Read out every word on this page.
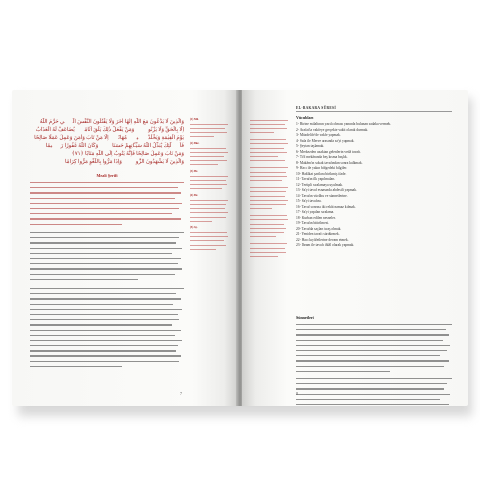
وَالَّذِينَ لَا يَدْعُونَ مَعَ اللّٰهِ اِلٰهًا اٰخَرَ وَلَا يَقْتُلُونَ النَّفْسَ الَّت۪ي حَرَّمَ اللّٰهُ
اِلَّا بِالْحَقِّ وَلَا يَزْنُونَۚ وَمَنْ يَفْعَلْ ذٰلِكَ يَلْقَ اَثَامًاۙ يُضَاعَفْ لَهُ الْعَذَابُ
يَوْمَ الْقِيٰمَةِ وَيَخْلُدْ ف۪يه۪ مُهَانًاۗ اِلَّا مَنْ تَابَ وَاٰمَنَ وَعَمِلَ عَمَلًا صَالِحًا
فَاُو۬لٰٓئِكَ يُبَدِّلُ اللّٰهُ سَيِّـَٔاتِهِمْ حَسَنَاتٍۜ وَكَانَ اللّٰهُ غَفُورًا رَح۪يمًا
وَمَنْ تَابَ وَعَمِلَ صَالِحًا فَاِنَّهُ يَتُوبُ اِلَى اللّٰهِ مَتَابًا ﴿٧١﴾
وَالَّذِينَ لَا يَشْهَدُونَ الزُّورَۙ وَاِذَا مَرُّوا بِاللَّغْوِ مَرُّوا كِرَامًا
Meali Şerifi
(1) Mü.
(2) Bkz.
(3) Hz.
(4) Bu
(5) Ay.
7
EL-BAKARA SÛRESİ
Vücubları
1- Birine milaltının yazılı olması yanında bulunan sadaka vermek.
2- Arafat'ta vakfeye gerçekte vakit olarak durmak.
3- Müzdelife'de vakfe yapmak.
4- Safa ile Merve arasında sa'yi yapmak.
5- Şeytan taşlamak.
6- Merkezden uzaktan gelenlerin vedâ tavafı.
7- Ti'd mekânında beş kısma başlık.
8- Makâm'ın sokak tavafından sonra kalkmak.
9- Hacı ile yakın bölgedeki bilgiler.
10- Hakîkat şartlara birikmiş ifade.
11- Tavafın ilk yapılmaları.
12- Tertipli sıralamaya uyulmak.
13- Sa'yi tavaf esnasında abdestli yapmak.
14- Tavafın vücûbu ve sünnetlerine.
15- Sa'yi tavafını.
16- Tavaf sonrası iki rekât namaz kılmak.
17- Sa'yi yapılan sıralama.
18- Kurban edilen nesneler.
19- Tavafın bitirilmesi.
20- Tavafda saçları tıraş olmak.
21- Yeniden tavafı sürdürmek.
22- Hacı kıyâfetlerine devam etmek.
23- İhram ile tavafı ihlâl olarak yapmak.
Sünnetleri
8
